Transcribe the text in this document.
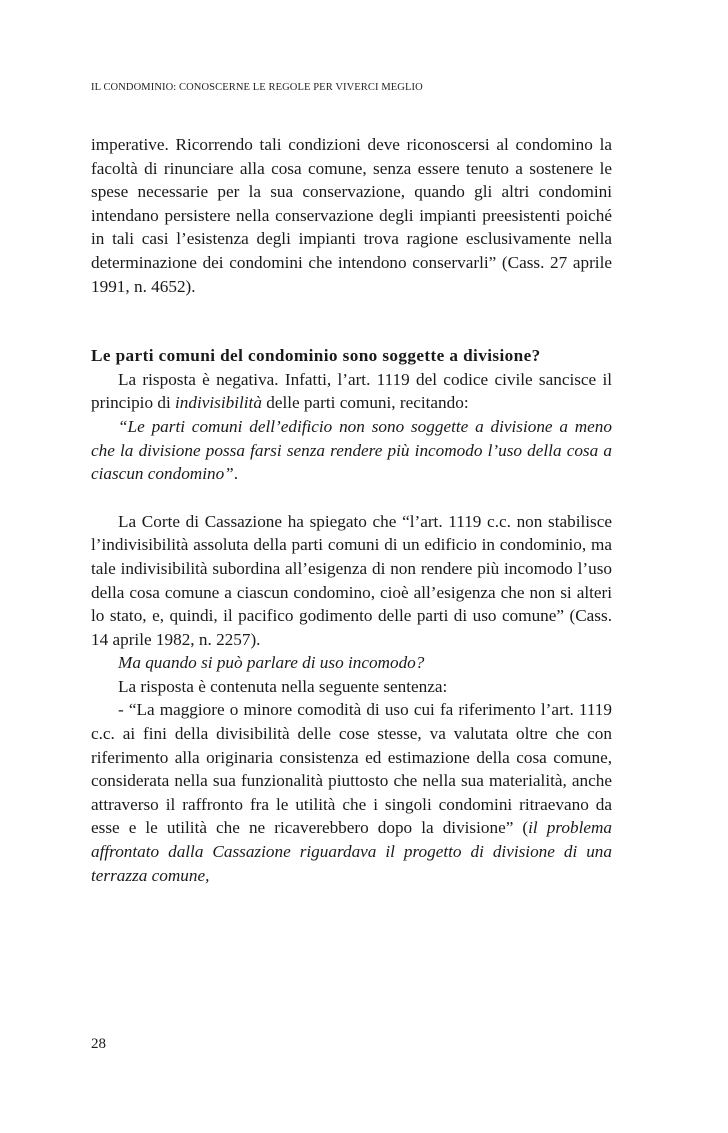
IL CONDOMINIO: CONOSCERNE LE REGOLE PER VIVERCI MEGLIO

imperative. Ricorrendo tali condizioni deve riconoscersi al condomino la facoltà di rinunciare alla cosa comune, senza essere tenuto a sostenere le spese necessarie per la sua conservazione, quando gli altri condomini intendano persistere nella conservazione degli impianti preesistenti poiché in tali casi l’esistenza degli impianti trova ragione esclusivamente nella determinazione dei condomini che intendono conservarli” (Cass. 27 aprile 1991, n. 4652).

Le parti comuni del condominio sono soggette a divisione?

La risposta è negativa. Infatti, l’art. 1119 del codice civile sancisce il principio di indivisibilità delle parti comuni, recitando:

“Le parti comuni dell’edificio non sono soggette a divisione a meno che la divisione possa farsi senza rendere più incomodo l’uso della cosa a ciascun condomino”.

La Corte di Cassazione ha spiegato che “l’art. 1119 c.c. non stabilisce l’indivisibilità assoluta della parti comuni di un edificio in condominio, ma tale indivisibilità subordina all’esigenza di non rendere più incomodo l’uso della cosa comune a ciascun condomino, cioè all’esigenza che non si alteri lo stato, e, quindi, il pacifico godimento delle parti di uso comune” (Cass. 14 aprile 1982, n. 2257).

Ma quando si può parlare di uso incomodo?

La risposta è contenuta nella seguente sentenza:

- “La maggiore o minore comodità di uso cui fa riferimento l’art. 1119 c.c. ai fini della divisibilità delle cose stesse, va valutata oltre che con riferimento alla originaria consistenza ed estimazione della cosa comune, considerata nella sua funzionalità piuttosto che nella sua materialità, anche attraverso il raffronto fra le utilità che i singoli condomini ritraevano da esse e le utilità che ne ricaverebbero dopo la divisione” (il problema affrontato dalla Cassazione riguardava il progetto di divisione di una terrazza comune,

28
